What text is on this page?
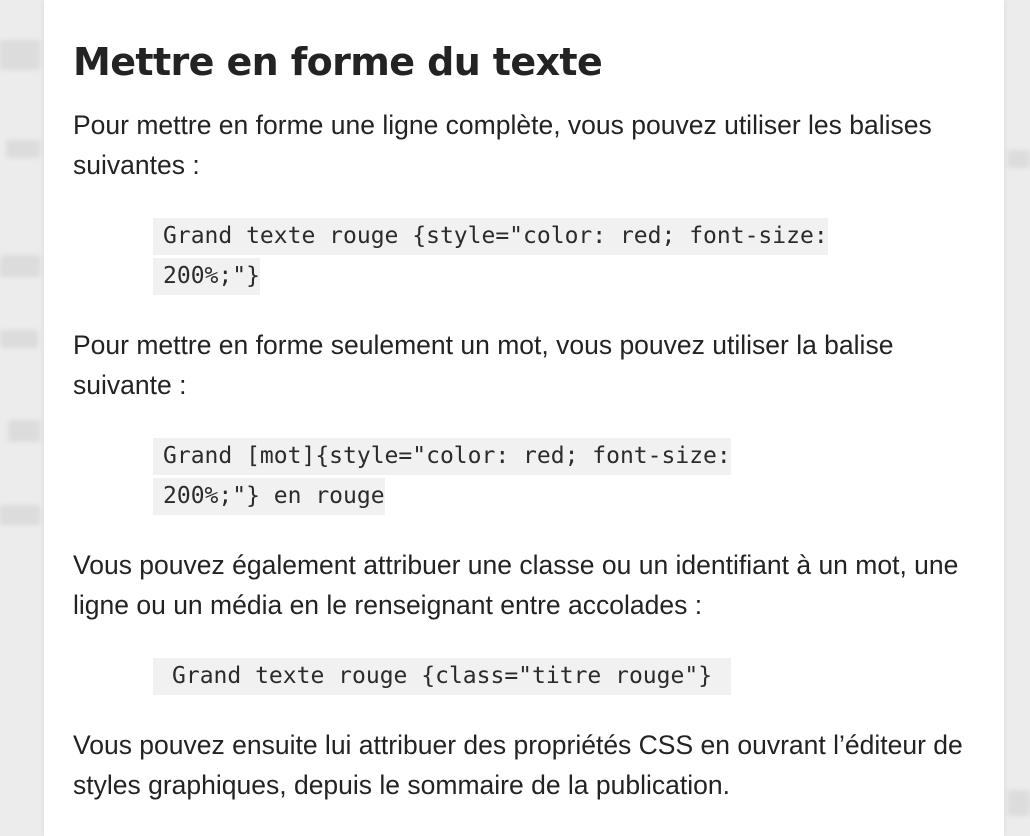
Mettre en forme du texte

Pour mettre en forme une ligne complète, vous pouvez utiliser les balises suivantes :

Grand texte rouge {style="color: red; font-size: 200%;"}

Pour mettre en forme seulement un mot, vous pouvez utiliser la balise suivante :

Grand [mot]{style="color: red; font-size: 200%;"} en rouge

Vous pouvez également attribuer une classe ou un identifiant à un mot, une ligne ou un média en le renseignant entre accolades :

Grand texte rouge {class="titre rouge"}

Vous pouvez ensuite lui attribuer des propriétés CSS en ouvrant l’éditeur de styles graphiques, depuis le sommaire de la publication.
